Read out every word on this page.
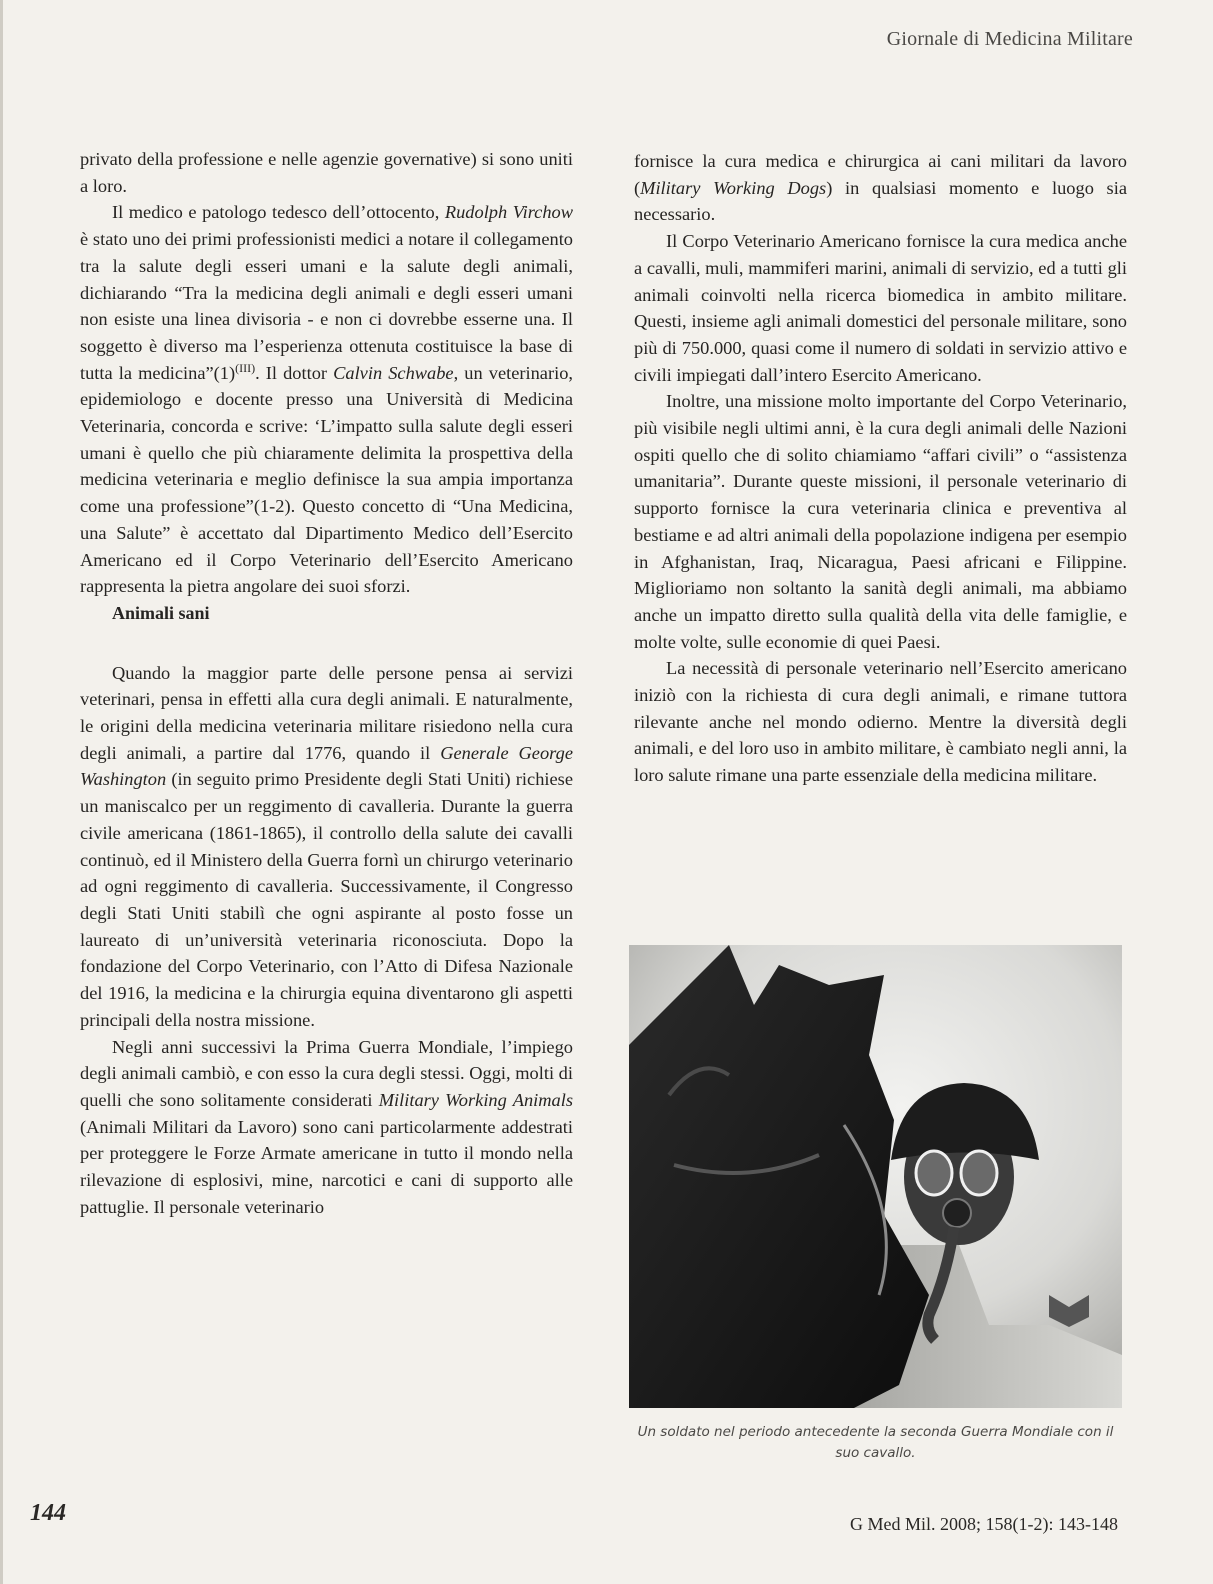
Giornale di Medicina Militare

privato della professione e nelle agenzie governative) si sono uniti a loro.

Il medico e patologo tedesco dell’ottocento, Rudolph Virchow è stato uno dei primi professionisti medici a notare il collegamento tra la salute degli esseri umani e la salute degli animali, dichiarando “Tra la medicina degli animali e degli esseri umani non esiste una linea divisoria - e non ci dovrebbe esserne una. Il soggetto è diverso ma l’esperienza ottenuta costituisce la base di tutta la $medicina”(1)^{(III)}$. Il dottor Calvin Schwabe, un veterinario, epidemiologo e docente presso una Università di Medicina Veterinaria, concorda e scrive: ‘L’impatto sulla salute degli esseri umani è quello che più chiaramente delimita la prospettiva della medicina veterinaria e meglio definisce la sua ampia importanza come una professione”(1-2). Questo concetto di “Una Medicina, una Salute” è accettato dal Dipartimento Medico dell’Esercito Americano ed il Corpo Veterinario dell’Esercito Americano rappresenta la pietra angolare dei suoi sforzi.

Animali sani

Quando la maggior parte delle persone pensa ai servizi veterinari, pensa in effetti alla cura degli animali. E naturalmente, le origini della medicina veterinaria militare risiedono nella cura degli animali, a partire dal 1776, quando il Generale George Washington (in seguito primo Presidente degli Stati Uniti) richiese un maniscalco per un reggimento di cavalleria. Durante la guerra civile americana (1861-1865), il controllo della salute dei cavalli continuò, ed il Ministero della Guerra fornì un chirurgo veterinario ad ogni reggimento di cavalleria. Successivamente, il Congresso degli Stati Uniti stabilì che ogni aspirante al posto fosse un laureato di un’università veterinaria riconosciuta. Dopo la fondazione del Corpo Veterinario, con l’Atto di Difesa Nazionale del 1916, la medicina e la chirurgia equina diventarono gli aspetti principali della nostra missione.

Negli anni successivi la Prima Guerra Mondiale, l’impiego degli animali cambiò, e con esso la cura degli stessi. Oggi, molti di quelli che sono solitamente considerati Military Working Animals (Animali Militari da Lavoro) sono cani particolarmente addestrati per proteggere le Forze Armate americane in tutto il mondo nella rilevazione di esplosivi, mine, narcotici e cani di supporto alle pattuglie. Il personale veterinario

fornisce la cura medica e chirurgica ai cani militari da lavoro (Military Working Dogs) in qualsiasi momento e luogo sia necessario.

Il Corpo Veterinario Americano fornisce la cura medica anche a cavalli, muli, mammiferi marini, animali di servizio, ed a tutti gli animali coinvolti nella ricerca biomedica in ambito militare. Questi, insieme agli animali domestici del personale militare, sono più di 750.000, quasi come il numero di soldati in servizio attivo e civili impiegati dall’intero Esercito Americano.

Inoltre, una missione molto importante del Corpo Veterinario, più visibile negli ultimi anni, è la cura degli animali delle Nazioni ospiti quello che di solito chiamiamo “affari civili” o “assistenza umanitaria”. Durante queste missioni, il personale veterinario di supporto fornisce la cura veterinaria clinica e preventiva al bestiame e ad altri animali della popolazione indigena per esempio in Afghanistan, Iraq, Nicaragua, Paesi africani e Filippine. Miglioriamo non soltanto la sanità degli animali, ma abbiamo anche un impatto diretto sulla qualità della vita delle famiglie, e molte volte, sulle economie di quei Paesi.

La necessità di personale veterinario nell’Esercito americano iniziò con la richiesta di cura degli animali, e rimane tuttora rilevante anche nel mondo odierno. Mentre la diversità degli animali, e del loro uso in ambito militare, è cambiato negli anni, la loro salute rimane una parte essenziale della medicina militare.

Un soldato nel periodo antecedente la seconda Guerra Mondiale con il suo cavallo.
144	G Med Mil. 2008; 158(1-2): 143-148
